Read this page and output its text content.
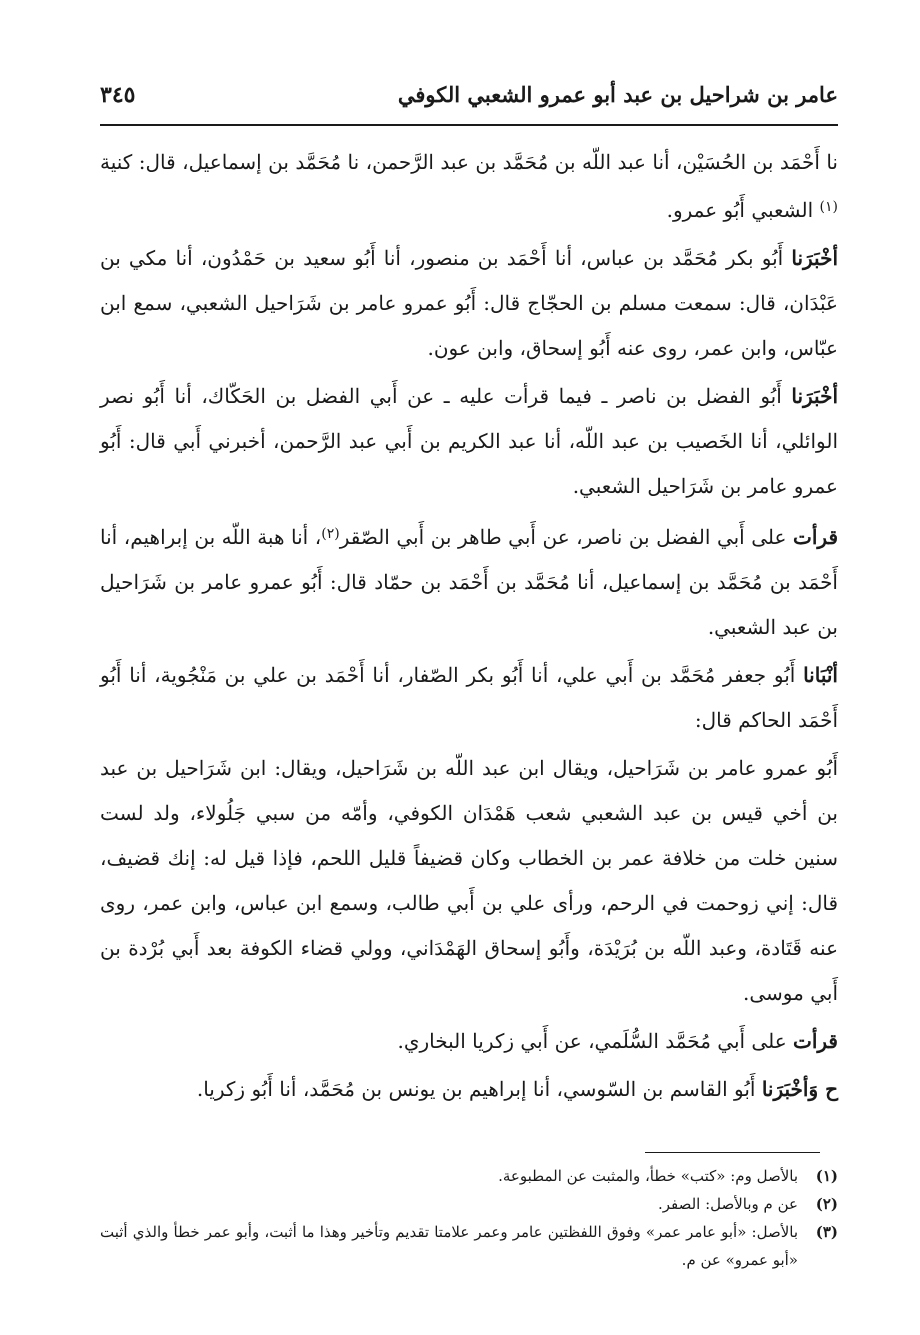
عامر بن شراحيل بن عبد أبو عمرو الشعبي الكوفي
٣٤٥

نا أَحْمَد بن الحُسَيْن، أنا عبد اللّه بن مُحَمَّد بن عبد الرَّحمن، نا مُحَمَّد بن إسماعيل، قال: كنية $^{(١)}$ الشعبي أَبُو عمرو.

أخْبَرَنا أَبُو بكر مُحَمَّد بن عباس، أنا أَحْمَد بن منصور، أنا أَبُو سعيد بن حَمْدُون، أنا مكي بن عَبْدَان، قال: سمعت مسلم بن الحجّاج قال: أَبُو عمرو عامر بن شَرَاحيل الشعبي، سمع ابن عبّاس، وابن عمر، روى عنه أَبُو إسحاق، وابن عون.

أخْبَرَنا أَبُو الفضل بن ناصر ـ فيما قرأت عليه ـ عن أَبي الفضل بن الحَكّاك، أنا أَبُو نصر الوائلي، أنا الخَصيب بن عبد اللّه، أنا عبد الكريم بن أَبي عبد الرَّحمن، أخبرني أَبي قال: أَبُو عمرو عامر بن شَرَاحيل الشعبي.

قرأت على أَبي الفضل بن ناصر، عن أَبي طاهر بن أَبي الصّقر$^{(٢)}$، أنا هبة اللّه بن إبراهيم، أنا أَحْمَد بن مُحَمَّد بن إسماعيل، أنا مُحَمَّد بن أَحْمَد بن حمّاد قال: أَبُو عمرو عامر بن شَرَاحيل بن عبد الشعبي.

أنْبَانا أَبُو جعفر مُحَمَّد بن أَبي علي، أنا أَبُو بكر الصّفار، أنا أَحْمَد بن علي بن مَنْجُوية، أنا أَبُو أَحْمَد الحاكم قال:

أَبُو عمرو عامر بن شَرَاحيل، ويقال ابن عبد اللّه بن شَرَاحيل، ويقال: ابن شَرَاحيل بن عبد بن أخي قيس بن عبد الشعبي شعب هَمْدَان الكوفي، وأمّه من سبي جَلُولاء، ولد لست سنين خلت من خلافة عمر بن الخطاب وكان قضيفاً قليل اللحم، فإذا قيل له: إنك قضيف، قال: إني زوحمت في الرحم، ورأى علي بن أَبي طالب، وسمع ابن عباس، وابن عمر، روى عنه قَتَادة، وعبد اللّه بن بُرَيْدَة، وأَبُو إسحاق الهَمْدَاني، وولي قضاء الكوفة بعد أَبي بُرْدة بن أَبي موسى.

قرأت على أَبي مُحَمَّد السُّلَمي، عن أَبي زكريا البخاري.

ح وَأخْبَرَنا أَبُو القاسم بن السّوسي، أنا إبراهيم بن يونس بن مُحَمَّد، أنا أَبُو زكريا.

(١)
بالأصل وم: «كتب» خطأ، والمثبت عن المطبوعة.
(٢)
عن م وبالأصل: الصفر.
(٣)
بالأصل: «أبو عامر عمر» وفوق اللفظتين عامر وعمر علامتا تقديم وتأخير وهذا ما أثبت، وأبو عمر خطأ والذي أثبت «أبو عمرو» عن م.
